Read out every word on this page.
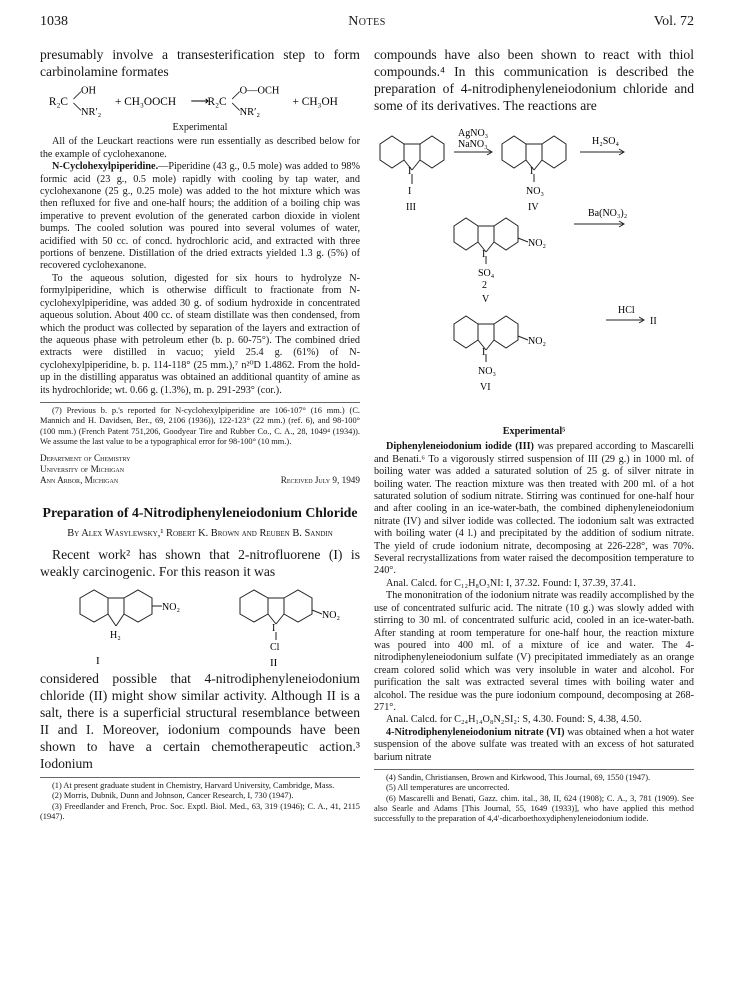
1038	Notes	Vol. 72

presumably involve a transesterification step to form carbinolamine formates

R₂C
OH
NR′₂
+ CH₃OOCH ⟶
R₂C
O—OCH
NR′₂
+ CH₃OH

Experimental

All of the Leuckart reactions were run essentially as described below for the example of cyclohexanone.

N-Cyclohexylpiperidine.—Piperidine (43 g., 0.5 mole) was added to 98% formic acid (23 g., 0.5 mole) rapidly with cooling by tap water, and cyclohexanone (25 g., 0.25 mole) was added to the hot mixture which was then refluxed for five and one-half hours; the addition of a boiling chip was imperative to prevent evolution of the generated carbon dioxide in violent bumps. The cooled solution was poured into several volumes of water, acidified with 50 cc. of concd. hydrochloric acid, and extracted with three portions of benzene. Distillation of the dried extracts yielded 1.3 g. (5%) of recovered cyclohexanone.

To the aqueous solution, digested for six hours to hydrolyze N-formylpiperidine, which is otherwise difficult to fractionate from N-cyclohexylpiperidine, was added 30 g. of sodium hydroxide in concentrated aqueous solution. About 400 cc. of steam distillate was then condensed, from which the product was collected by separation of the layers and extraction of the aqueous phase with petroleum ether (b. p. 60-75°). The combined dried extracts were distilled in vacuo; yield 25.4 g. (61%) of N-cyclohexylpiperidine, b. p. 114-118° (25 mm.),⁷ n²⁰D 1.4862. From the hold-up in the distilling apparatus was obtained an additional quantity of amine as its hydrochloride; wt. 0.66 g. (1.3%), m. p. 291-293° (cor.).

(7) Previous b. p.'s reported for N-cyclohexylpiperidine are 106-107° (16 mm.) (C. Mannich and H. Davidsen, Ber., 69, 2106 (1936)), 122-123° (22 mm.) (ref. 6), and 98-100° (100 mm.) (French Patent 751,206, Goodyear Tire and Rubber Co., C. A., 28, 1049⁴ (1934)). We assume the last value to be a typographical error for 98-100° (10 mm.).

Department of Chemistry
University of Michigan
Ann Arbor, Michigan	Received July 9, 1949
Preparation of 4-Nitrodiphenyleneiodonium Chloride
By Alex Wasylewsky,¹ Robert K. Brown and Reuben B. Sandin

Recent work² has shown that 2-nitrofluorene (I) is weakly carcinogenic. For this reason it was

NO₂
H₂
I
I
NO₂
Cl
II

considered possible that 4-nitrodiphenyleneiodonium chloride (II) might show similar activity. Although II is a salt, there is a superficial structural resemblance between II and I. Moreover, iodonium compounds have been shown to have a certain chemotherapeutic action.³ Iodonium

(1) At present graduate student in Chemistry, Harvard University, Cambridge, Mass.

(2) Morris, Dubnik, Dunn and Johnson, Cancer Research, I, 730 (1947).

(3) Freedlander and French, Proc. Soc. Exptl. Biol. Med., 63, 319 (1946); C. A., 41, 2115 (1947).

compounds have also been shown to react with thiol compounds.⁴ In this communication is described the preparation of 4-nitrodiphenyleneiodonium chloride and some of its derivatives. The reactions are

AgNO₃
NaNO₃	H₂SO₄
I
I
III
I
NO₃
IV
I
NO₂
SO₄
2
V
Ba(NO₃)₂
I
NO₂
NO₃
VI
HCl
II

Experimental⁵

Diphenyleneiodonium iodide (III) was prepared according to Mascarelli and Benati.⁶ To a vigorously stirred suspension of III (29 g.) in 1000 ml. of boiling water was added a saturated solution of 25 g. of silver nitrate in boiling water. The reaction mixture was then treated with 200 ml. of a hot saturated solution of sodium nitrate. Stirring was continued for one-half hour and after cooling in an ice-water-bath, the combined diphenyleneiodonium nitrate (IV) and silver iodide was collected. The iodonium salt was extracted with boiling water (4 l.) and precipitated by the addition of sodium nitrate. The yield of crude iodonium nitrate, decomposing at 226-228°, was 70%. Several recrystallizations from water raised the decomposition temperature to 240°.

Anal. Calcd. for C₁₂H₈O₃NI: I, 37.32. Found: I, 37.39, 37.41.

The mononitration of the iodonium nitrate was readily accomplished by the use of concentrated sulfuric acid. The nitrate (10 g.) was slowly added with stirring to 30 ml. of concentrated sulfuric acid, cooled in an ice-water-bath. After standing at room temperature for one-half hour, the reaction mixture was poured into 400 ml. of a mixture of ice and water. The 4-nitrodiphenyleneiodonium sulfate (V) precipitated immediately as an orange cream colored solid which was very insoluble in water and alcohol. For purification the salt was extracted several times with boiling water and alcohol. The residue was the pure iodonium compound, decomposing at 268-271°.

Anal. Calcd. for C₂₄H₁₄O₈N₂SI₂: S, 4.30. Found: S, 4.38, 4.50.

4-Nitrodiphenyleneiodonium nitrate (VI) was obtained when a hot water suspension of the above sulfate was treated with an excess of hot saturated barium nitrate

(4) Sandin, Christiansen, Brown and Kirkwood, This Journal, 69, 1550 (1947).

(5) All temperatures are uncorrected.

(6) Mascarelli and Benati, Gazz. chim. ital., 38, II, 624 (1908); C. A., 3, 781 (1909). See also Searle and Adams [This Journal, 55, 1649 (1933)], who have applied this method successfully to the preparation of 4,4′-dicarboethoxydiphenyleneiodonium iodide.
